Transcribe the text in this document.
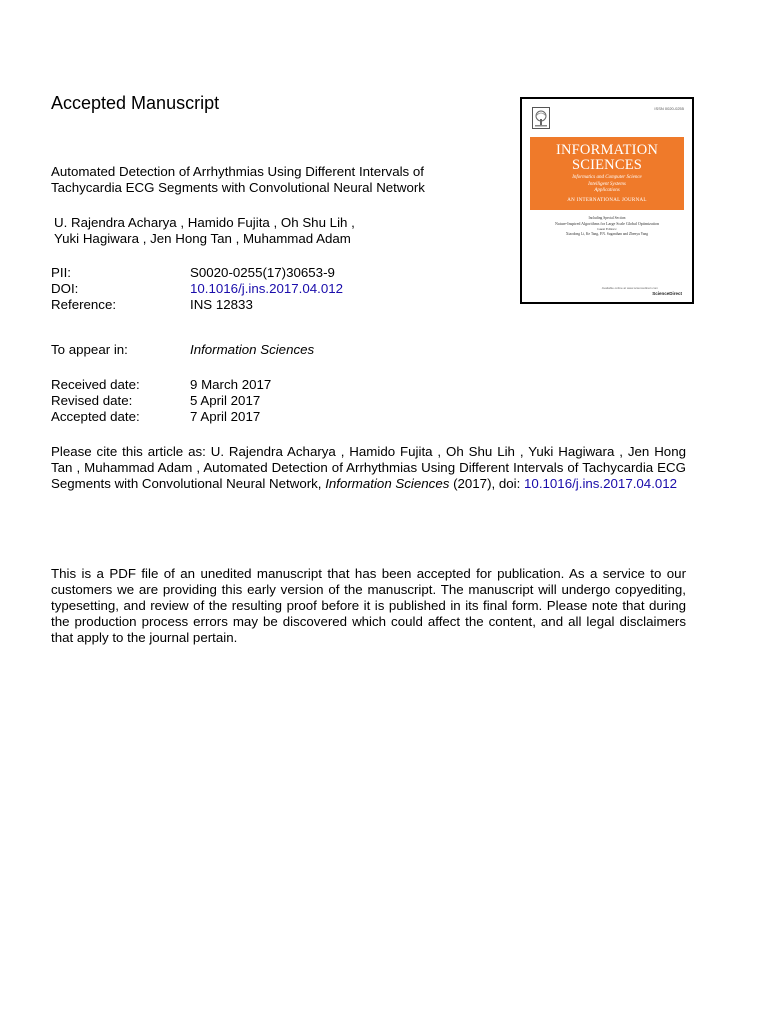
Accepted Manuscript
Automated Detection of Arrhythmias Using Different Intervals of Tachycardia ECG Segments with Convolutional Neural Network
U. Rajendra Acharya , Hamido Fujita , Oh Shu Lih ,
Yuki Hagiwara , Jen Hong Tan , Muhammad Adam
PII:	S0020-0255(17)30653-9
DOI:	10.1016/j.ins.2017.04.012
Reference:	INS 12833
To appear in:	Information Sciences
Received date:	9 March 2017
Revised date:	5 April 2017
Accepted date:	7 April 2017
Please cite this article as: U. Rajendra Acharya , Hamido Fujita , Oh Shu Lih , Yuki Hagiwara , Jen Hong Tan , Muhammad Adam , Automated Detection of Arrhythmias Using Different Intervals of Tachycardia ECG Segments with Convolutional Neural Network, Information Sciences (2017), doi: 10.1016/j.ins.2017.04.012
This is a PDF file of an unedited manuscript that has been accepted for publication. As a service to our customers we are providing this early version of the manuscript. The manuscript will undergo copyediting, typesetting, and review of the resulting proof before it is published in its final form. Please note that during the production process errors may be discovered which could affect the content, and all legal disclaimers that apply to the journal pertain.
ISSN 0020-0255
INFORMATION SCIENCES
Informatics and Computer Science
Intelligent Systems
Applications
AN INTERNATIONAL JOURNAL
Including Special Section
Nature-Inspired Algorithms for Large Scale Global Optimization
Guest Editors:
Xiaodong Li, Ke Tang, P.N. Suganthan and Zhenyu Yang
Available online at www.sciencedirect.com
ScienceDirect
